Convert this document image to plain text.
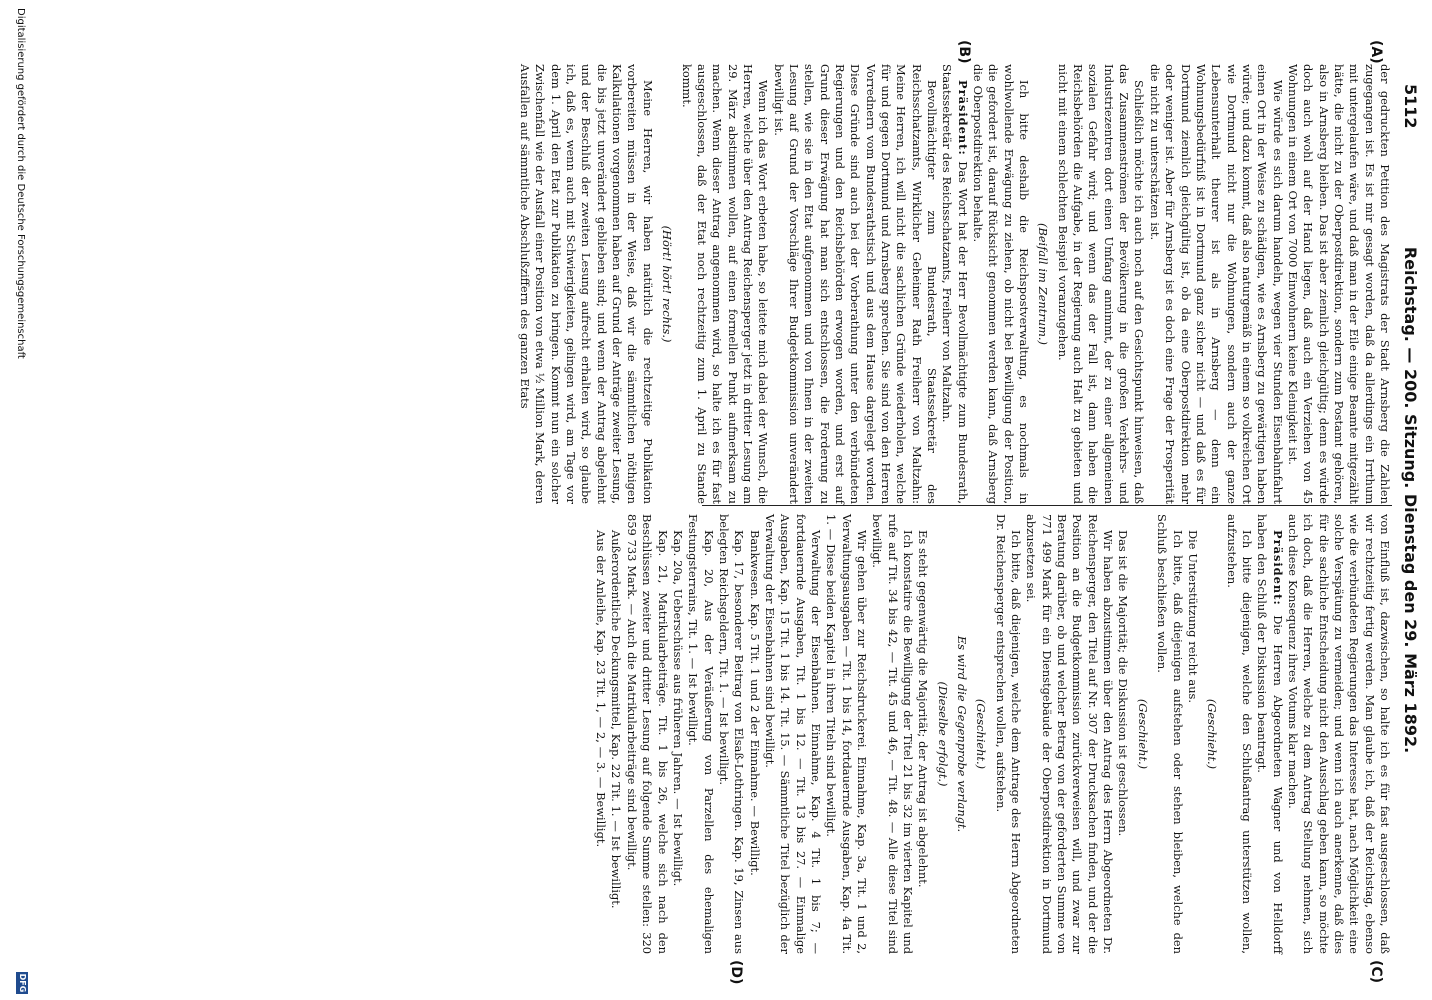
5112
Reichstag. — 200. Sitzung. Dienstag den 29. März 1892.
(A)
(B)
(C)
(D)

der gedruckten Petition des Magistrats der Stadt Arnsberg die Zahlen zugegangen ist. Es ist mir gesagt worden, daß da allerdings ein Irrthum mit untergelaufen wäre, und daß man in der Eile einige Beamte mitgezählt hätte, die nicht zu der Oberpostdirektion, sondern zum Postamt gehören, also in Arnsberg bleiben. Das ist aber ziemlich gleichgültig; denn es würde doch auch wohl auf der Hand liegen, daß auch ein Verziehen von 45 Wohnungen in einem Ort von 7000 Einwohnern keine Kleinigkeit ist.

Wie würde es sich darum handeln, wegen vier Stunden Eisenbahnfahrt einen Ort in der Weise zu schädigen, wie es Arnsberg zu gewärtigen haben würde; und dazu kommt, daß also naturgemäß in einem so volkreichen Ort wie Dortmund nicht nur die Wohnungen, sondern auch der ganze Lebensunterhalt theurer ist als in Arnsberg — denn ein Wohnungsbedürfniß ist in Dortmund ganz sicher nicht — und daß es für Dortmund ziemlich gleichgültig ist, ob da eine Oberpostdirektion mehr oder weniger ist. Aber für Arnsberg ist es doch eine Frage der Prosperität die nicht zu unterschätzen ist.

Schließlich möchte ich auch noch auf den Gesichtspunkt hinweisen, daß das Zusammenströmen der Bevölkerung in die großen Verkehrs- und Industriezentren dort einen Umfang annimmt, der zu einer allgemeinen sozialen Gefahr wird; und wenn das der Fall ist, dann haben die Reichsbehörden die Aufgabe, in der Regierung auch Halt zu gebieten und nicht mit einem schlechten Beispiel voranzugehen.

(Beifall im Zentrum.)

Ich bitte deshalb die Reichspostverwaltung, es nochmals in wohlwollende Erwägung zu ziehen, ob nicht bei Bewilligung der Position, die gefordert ist, darauf Rücksicht genommen werden kann, daß Arnsberg die Oberpostdirektion behalte.

Präsident: Das Wort hat der Herr Bevollmächtigte zum Bundesrath, Staatssekretär des Reichsschatzamts, Freiherr von Maltzahn.

Bevollmächtigter zum Bundesrath, Staatssekretär des Reichsschatzamts, Wirklicher Geheimer Rath Freiherr von Maltzahn: Meine Herren, ich will nicht die sachlichen Gründe wiederholen, welche für und gegen Dortmund und Arnsberg sprechen. Sie sind von den Herren Vorrednern vom Bundesrathstisch und aus dem Hause dargelegt worden. Diese Gründe sind auch bei der Vorberathung unter den verbündeten Regierungen und den Reichsbehörden erwogen worden, und erst auf Grund dieser Erwägung hat man sich entschlossen, die Forderung zu stellen, wie sie in den Etat aufgenommen und von Ihnen in der zweiten Lesung auf Grund der Vorschläge Ihrer Budgetkommission unverändert bewilligt ist.

Wenn ich das Wort erbeten habe, so leitete mich dabei der Wunsch, die Herren, welche über den Antrag Reichensperger jetzt in dritter Lesung am 29. März abstimmen wollen, auf einen formellen Punkt aufmerksam zu machen. Wenn dieser Antrag angenommen wird, so halte ich es für fast ausgeschlossen, daß der Etat noch rechtzeitig zum 1. April zu Stande kommt.

(Hört! hört! rechts.)

Meine Herren, wir haben natürlich die rechtzeitige Publikation vorbereiten müssen in der Weise, daß wir die sämmtlichen nöthigen Kalkulationen vorgenommen haben auf Grund der Anträge zweiter Lesung, die bis jetzt unverändert geblieben sind; und wenn der Antrag abgelehnt und der Beschluß der zweiten Lesung aufrecht erhalten wird, so glaube ich, daß es, wenn auch mit Schwierigkeiten, gelingen wird, am Tage vor dem 1. April den Etat zur Publikation zu bringen. Kommt nun ein solcher Zwischenfall wie der Ausfall einer Position von etwa ½ Million Mark, deren Ausfallen auf sämmtliche Abschlußziffern des ganzen Etats

von Einfluß ist, dazwischen, so halte ich es für fast ausgeschlossen, daß wir rechtzeitig fertig werden. Man glaube ich, daß der Reichstag, ebenso wie die verbündeten Regierungen das Interesse hat, nach Möglichkeit eine solche Verspätung zu vermeiden; und wenn ich auch anerkenne, daß dies für die sachliche Entscheidung nicht den Ausschlag geben kann, so möchte ich doch, daß die Herren, welche zu dem Antrag Stellung nehmen, sich auch diese Konsequenz ihres Votums klar machen.

Präsident: Die Herren Abgeordneten Wagner und von Helldorff haben den Schluß der Diskussion beantragt.

Ich bitte diejenigen, welche den Schlußantrag unterstützen wollen, aufzustehen.

(Geschieht.)

Die Unterstützung reicht aus.

Ich bitte, daß diejenigen aufstehen oder stehen bleiben, welche den Schluß beschließen wollen.

(Geschieht.)

Das ist die Majorität; die Diskussion ist geschlossen.

Wir haben abzustimmen über den Antrag des Herrn Abgeordneten Dr. Reichensperger, den Titel auf Nr. 307 der Drucksachen finden, und der die Position an die Budgetkommission zurückverweisen will, und zwar zur Beratung darüber, ob und welcher Betrag von der geforderten Summe von 771 499 Mark für ein Dienstgebäude der Oberpostdirektion in Dortmund abzusetzen sei.

Ich bitte, daß diejenigen, welche dem Antrage des Herrn Abgeordneten Dr. Reichensperger entsprechen wollen, aufstehen.

(Geschieht.)

Es wird die Gegenprobe verlangt.

(Dieselbe erfolgt.)

Es steht gegenwärtig die Majorität; der Antrag ist abgelehnt.

Ich konstatire die Bewilligung der Titel 21 bis 32 im vierten Kapitel und rufe auf Tit. 34 bis 42, — Tit. 45 und 46, — Tit. 48. — Alle diese Titel sind bewilligt.

Wir gehen über zur Reichsdruckerei. Einnahme, Kap. 3a, Tit. 1 und 2, Verwaltungsausgaben — Tit. 1 bis 14, fortdauernde Ausgaben, Kap. 4a Tit. 1. — Diese beiden Kapitel in ihren Titeln sind bewilligt.

Verwaltung der Eisenbahnen. Einnahme, Kap. 4 Tit. 1 bis 7; — fortdauernde Ausgaben, Tit. 1 bis 12. — Tit. 13 bis 27. — Einmalige Ausgaben, Kap. 15 Tit. 1 bis 14. Tit. 15. — Sämmtliche Titel bezüglich der Verwaltung der Eisenbahnen sind bewilligt.

Bankwesen. Kap. 5 Tit. 1 und 2 der Einnahme. — Bewilligt.

Kap. 17, besonderer Beitrag von Elsaß-Lothringen. Kap. 19, Zinsen aus belegten Reichsgeldern, Tit. 1. — Ist bewilligt.

Kap. 20, Aus der Veräußerung von Parzellen des ehemaligen Festungsterrains, Tit. 1. — Ist bewilligt.

Kap. 20a, Ueberschüsse aus früheren Jahren. — Ist bewilligt.

Kap. 21, Matrikularbeiträge. Tit. 1 bis 26, welche sich nach den Beschlüssen zweiter und dritter Lesung auf folgende Summe stellen: 320 859 733 Mark. — Auch die Matrikularbeiträge sind bewilligt.

Außerordentliche Deckungsmittel, Kap. 22 Tit. 1. — Ist bewilligt.

Aus der Anleihe, Kap. 23 Tit. 1, — 2, — 3. — Bewilligt.

Digitalisierung gefördert durch die Deutsche Forschungsgemeinschaft
DFG
